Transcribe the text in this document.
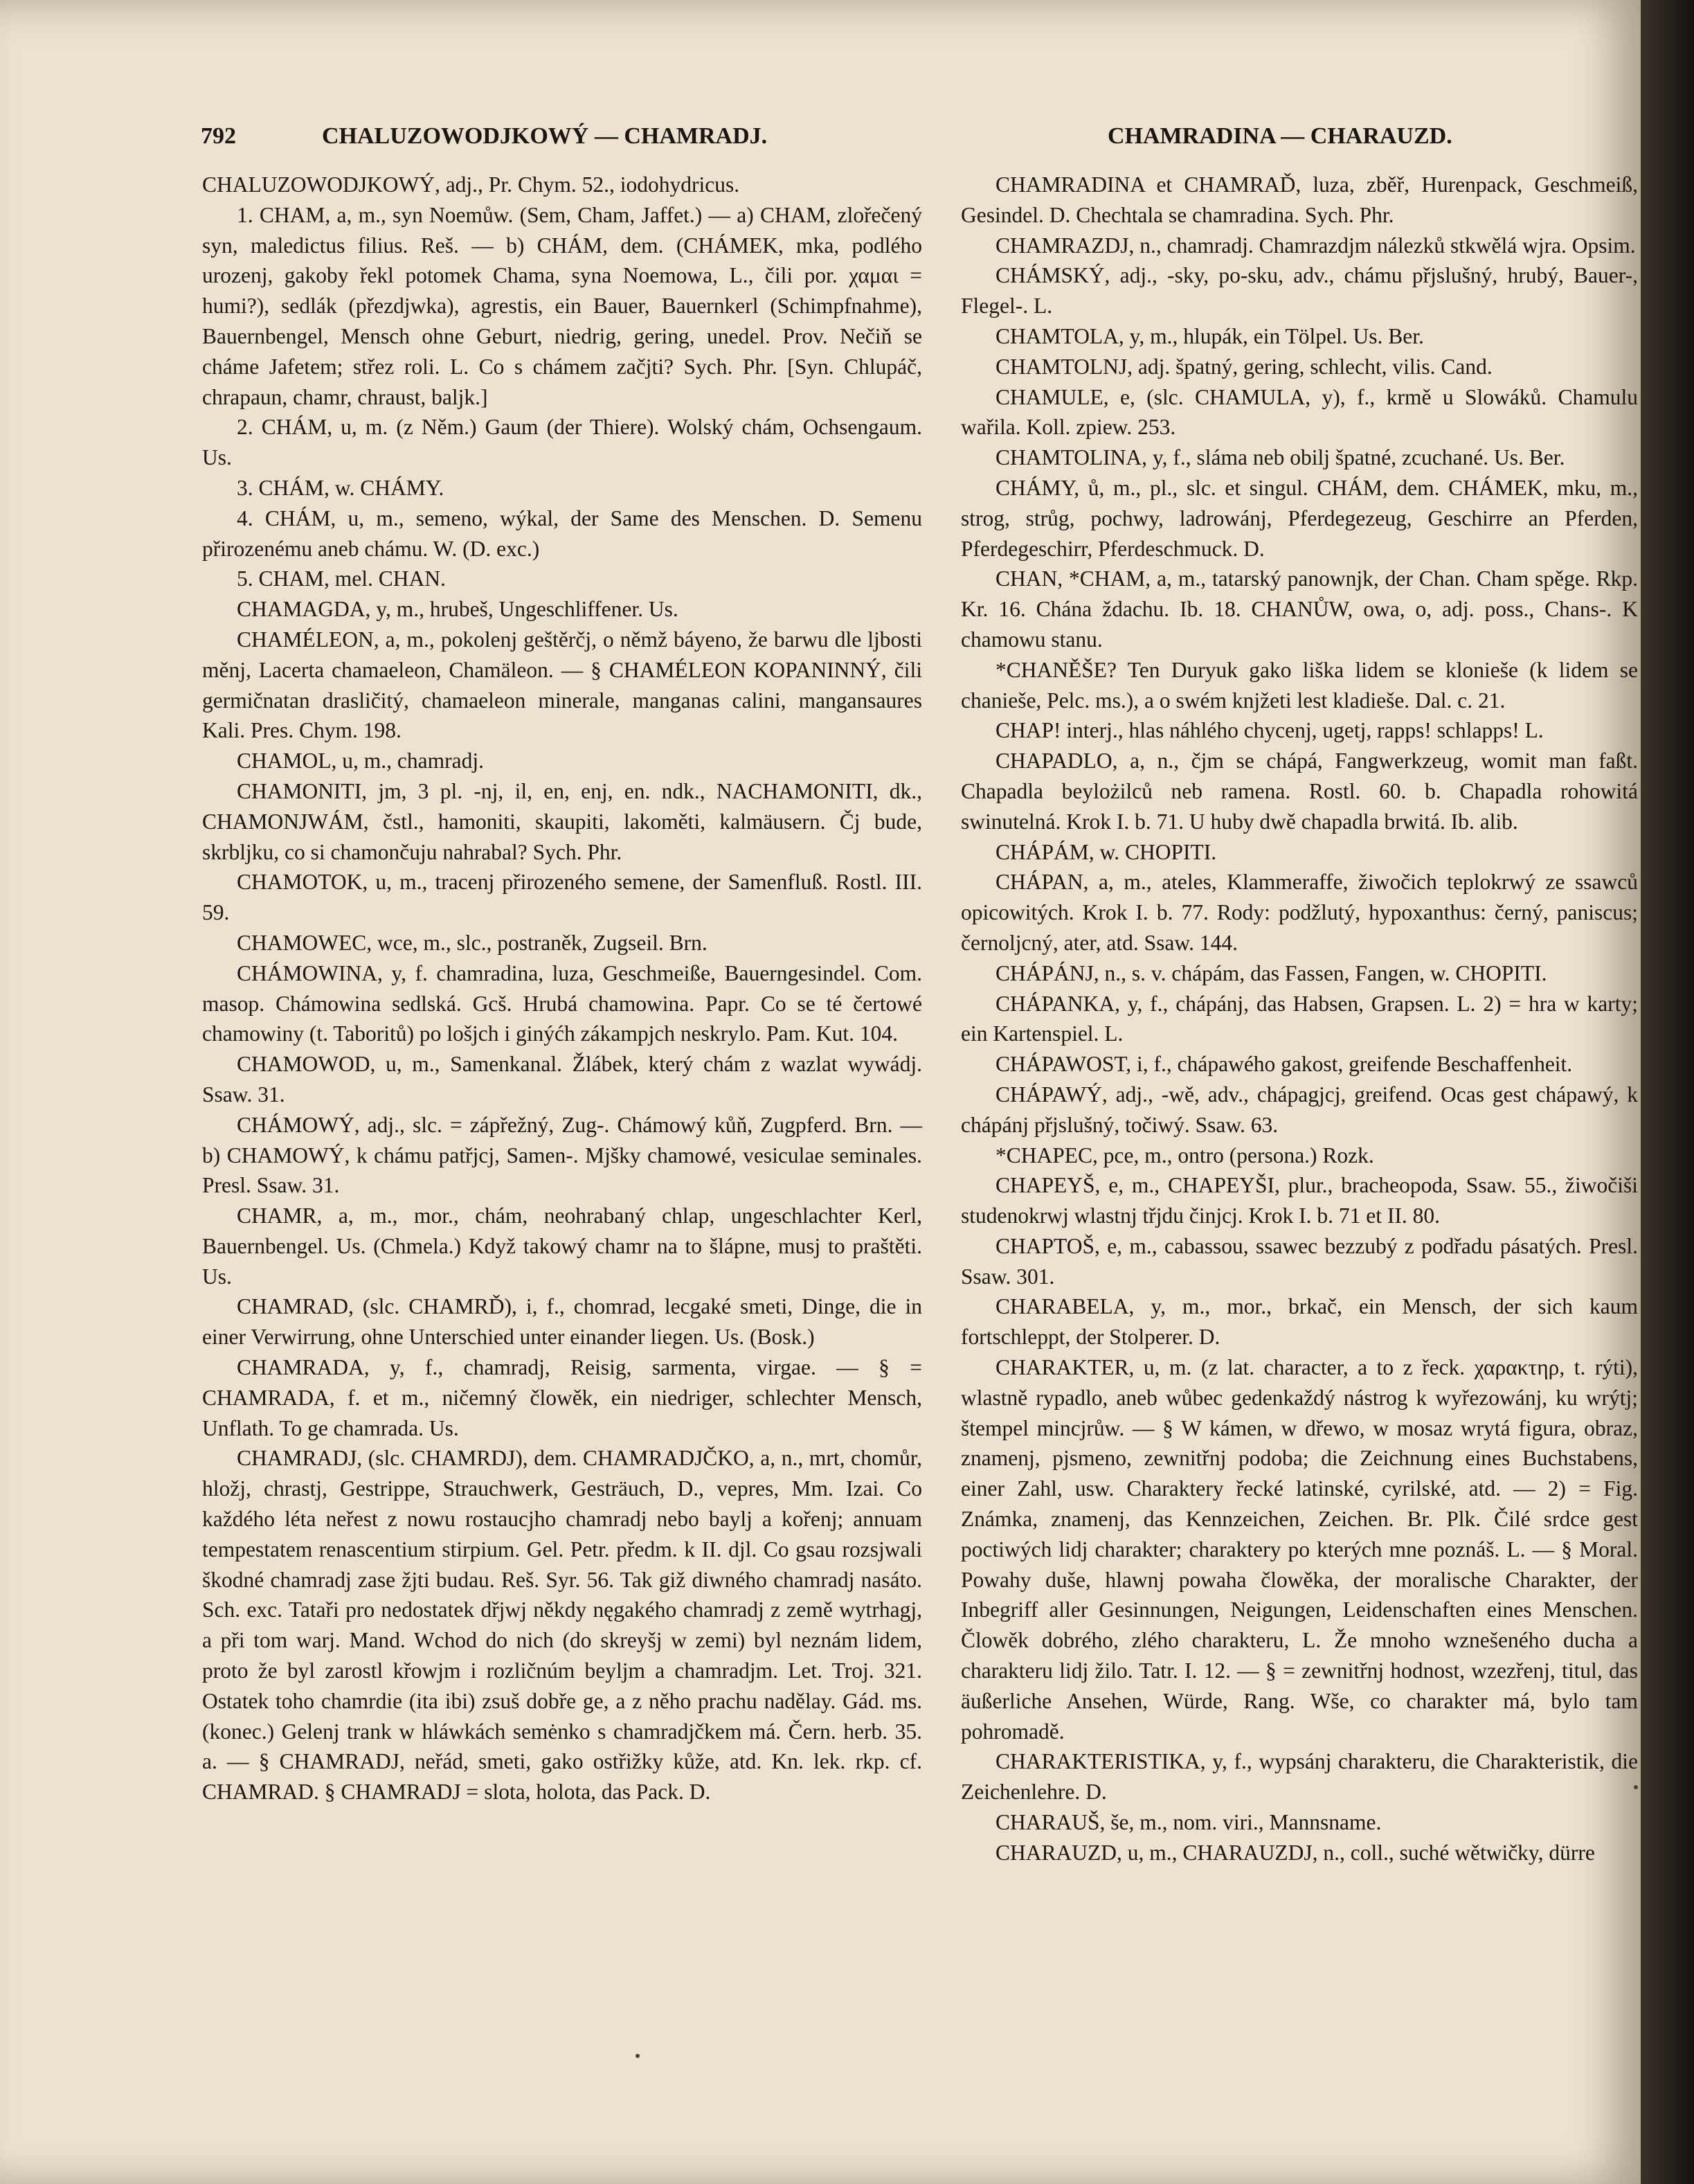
792	CHALUZOWODJKOWÝ — CHAMRADJ.	CHAMRADINA — CHARAUZD.

CHALUZOWODJKOWÝ, adj., Pr. Chym. 52., iodohydricus.

1. CHAM, a, m., syn Noemůw. (Sem, Cham, Jaffet.) — a) CHAM, zlořečený syn, maledictus filius. Reš. — b) CHÁM, dem. (CHÁMEK, mka, podlého urozenj, gakoby řekl potomek Chama, syna Noemowa, L., čili por. χαμαι = humi?), sedlák (přezdjwka), agrestis, ein Bauer, Bauernkerl (Schimpfnahme), Bauernbengel, Mensch ohne Geburt, niedrig, gering, unedel. Prov. Nečiň se cháme Jafetem; střez roli. L. Co s chámem začjti? Sych. Phr. [Syn. Chlupáč, chrapaun, chamr, chraust, baljk.]

2. CHÁM, u, m. (z Něm.) Gaum (der Thiere). Wolský chám, Ochsengaum. Us.

3. CHÁM, w. CHÁMY.

4. CHÁM, u, m., semeno, wýkal, der Same des Menschen. D. Semenu přirozenému aneb chámu. W. (D. exc.)

5. CHAM, mel. CHAN.

CHAMAGDA, y, m., hrubeš, Ungeschliffener. Us.

CHAMÉLEON, a, m., pokolenj geštěrčj, o němž báyeno, že barwu dle ljbosti měnj, Lacerta chamaeleon, Chamäleon. — § CHAMÉLEON KOPANINNÝ, čili germičnatan drasličitý, chamaeleon minerale, manganas calini, mangansaures Kali. Pres. Chym. 198.

CHAMOL, u, m., chamradj.

CHAMONITI, jm, 3 pl. -nj, il, en, enj, en. ndk., NACHAMONITI, dk., CHAMONJWÁM, čstl., hamoniti, skaupiti, lakoměti, kalmäusern. Čj bude, skrbljku, co si chamončuju nahrabal? Sych. Phr.

CHAMOTOK, u, m., tracenj přirozeného semene, der Samenfluß. Rostl. III. 59.

CHAMOWEC, wce, m., slc., postraněk, Zugseil. Brn.

CHÁMOWINA, y, f. chamradina, luza, Geschmeiße, Bauerngesindel. Com. masop. Chámowina sedlská. Gcš. Hrubá chamowina. Papr. Co se té čertowé chamowiny (t. Taboritů) po lošjch i ginýćh zákampjch neskrylo. Pam. Kut. 104.

CHAMOWOD, u, m., Samenkanal. Žlábek, který chám z wazlat wywádj. Ssaw. 31.

CHÁMOWÝ, adj., slc. = zápřežný, Zug-. Chámowý kůň, Zugpferd. Brn. — b) CHAMOWÝ, k chámu patřjcj, Samen-. Mjšky chamowé, vesiculae seminales. Presl. Ssaw. 31.

CHAMR, a, m., mor., chám, neohrabaný chlap, ungeschlachter Kerl, Bauernbengel. Us. (Chmela.) Když takowý chamr na to šlápne, musj to praštěti. Us.

CHAMRAD, (slc. CHAMRĎ), i, f., chomrad, lecgaké smeti, Dinge, die in einer Verwirrung, ohne Unterschied unter einander liegen. Us. (Bosk.)

CHAMRADA, y, f., chamradj, Reisig, sarmenta, virgae. — § = CHAMRADA, f. et m., ničemný člowěk, ein niedriger, schlechter Mensch, Unflath. To ge chamrada. Us.

CHAMRADJ, (slc. CHAMRDJ), dem. CHAMRADJČKO, a, n., mrt, chomůr, hložj, chrastj, Gestrippe, Strauchwerk, Gesträuch, D., vepres, Mm. Izai. Co každého léta neřest z nowu rostaucjho chamradj nebo baylj a kořenj; annuam tempestatem renascentium stirpium. Gel. Petr. předm. k II. djl. Co gsau rozsjwali škodné chamradj zase žjti budau. Reš. Syr. 56. Tak giž diwného chamradj nasáto. Sch. exc. Tataři pro nedostatek dřjwj někdy nęgakého chamradj z země wytrhagj, a při tom warj. Mand. Wchod do nich (do skreyšj w zemi) byl neznám lidem, proto že byl zarostl křowjm i rozličnúm beyljm a chamradjm. Let. Troj. 321. Ostatek toho chamrdie (ita ibi) zsuš dobře ge, a z něho prachu nadělay. Gád. ms. (konec.) Gelenj trank w hláwkách semėnko s chamradjčkem má. Čern. herb. 35. a. — § CHAMRADJ, neřád, smeti, gako ostřižky kůže, atd. Kn. lek. rkp. cf. CHAMRAD. § CHAMRADJ = slota, holota, das Pack. D.

CHAMRADINA et CHAMRAĎ, luza, zběř, Hurenpack, Geschmeiß, Gesindel. D. Chechtala se chamradina. Sych. Phr.

CHAMRAZDJ, n., chamradj. Chamrazdjm nálezků stkwělá wjra. Opsim.

CHÁMSKÝ, adj., -sky, po-sku, adv., chámu přjslušný, hrubý, Bauer-, Flegel-. L.

CHAMTOLA, y, m., hlupák, ein Tölpel. Us. Ber.

CHAMTOLNJ, adj. špatný, gering, schlecht, vilis. Cand.

CHAMULE, e, (slc. CHAMULA, y), f., krmě u Slowáků. Chamulu wařila. Koll. zpiew. 253.

CHAMTOLINA, y, f., sláma neb obilj špatné, zcuchané. Us. Ber.

CHÁMY, ů, m., pl., slc. et singul. CHÁM, dem. CHÁMEK, mku, m., strog, strůg, pochwy, ladrowánj, Pferdegezeug, Geschirre an Pferden, Pferdegeschirr, Pferdeschmuck. D.

CHAN, *CHAM, a, m., tatarský panownjk, der Chan. Cham spěge. Rkp. Kr. 16. Chána ždachu. Ib. 18. CHANŮW, owa, o, adj. poss., Chans-. K chamowu stanu.

*CHANĚŠE? Ten Duryuk gako liška lidem se kloniešе (k lidem se chanieše, Pelc. ms.), a o swém knjžeti lest kladieše. Dal. c. 21.

CHAP! interj., hlas náhlého chycenj, ugetj, rapps! schlapps! L.

CHAPADLO, a, n., čjm se chápá, Fangwerkzeug, womit man faßt. Chapadla beylożilců neb ramena. Rostl. 60. b. Chapadla rohowitá swinutelná. Krok I. b. 71. U huby dwě chapadla brwitá. Ib. alib.

CHÁPÁM, w. CHOPITI.

CHÁPAN, a, m., ateles, Klammeraffe, žiwočich teplokrwý ze ssawců opicowitých. Krok I. b. 77. Rody: podžlutý, hypoxanthus: černý, paniscus; černoljcný, ater, atd. Ssaw. 144.

CHÁPÁNJ, n., s. v. chápám, das Fassen, Fangen, w. CHOPITI.

CHÁPANKA, y, f., chápánj, das Habsen, Grapsen. L. 2) = hra w karty; ein Kartenspiel. L.

CHÁPAWOST, i, f., chápawého gakost, greifende Beschaffenheit.

CHÁPAWÝ, adj., -wě, adv., chápagjcj, greifend. Ocas gest chápawý, k chápánj přjslušný, točiwý. Ssaw. 63.

*CHAPEC, pce, m., ontro (persona.) Rozk.

CHAPEYŠ, e, m., CHAPEYŠI, plur., bracheopoda, Ssaw. 55., žiwočiši studenokrwj wlastnj třjdu činjcj. Krok I. b. 71 et II. 80.

CHAPTOŠ, e, m., cabassou, ssawec bezzubý z podřadu pásatých. Presl. Ssaw. 301.

CHARABELA, y, m., mor., brkač, ein Mensch, der sich kaum fortschleppt, der Stolperer. D.

CHARAKTER, u, m. (z lat. character, a to z řeck. χαρακτηρ, t. rýti), wlastně rypadlo, aneb wůbec gedenkaždý nástrog k wyřezowánj, ku wrýtj; štempel mincjrůw. — § W kámen, w dřewo, w mosaz wrytá figura, obraz, znamenj, pjsmeno, zewnitřnj podoba; die Zeichnung eines Buchstabens, einer Zahl, usw. Charaktery řecké latinské, cyrilské, atd. — 2) = Fig. Známka, znamenj, das Kennzeichen, Zeichen. Br. Plk. Čilé srdce gest poctiwých lidj charakter; charaktery po kterých mne poznáš. L. — § Moral. Powahy duše, hlawnj powaha člowěka, der moralische Charakter, der Inbegriff aller Gesinnungen, Neigungen, Leidenschaften eines Menschen. Člowěk dobrého, zlého charakteru, L. Že mnoho wznešeného ducha a charakteru lidj žilo. Tatr. I. 12. — § = zewnitřnj hodnost, wzezřenj, titul, das äußerliche Ansehen, Würde, Rang. Wše, co charakter má, bylo tam pohromadě.

CHARAKTERISTIKA, y, f., wypsánj charakteru, die Charakteristik, die Zeichenlehre. D.

CHARAUŠ, še, m., nom. viri., Mannsname.

CHARAUZD, u, m., CHARAUZDJ, n., coll., suché wětwičky, dürre
